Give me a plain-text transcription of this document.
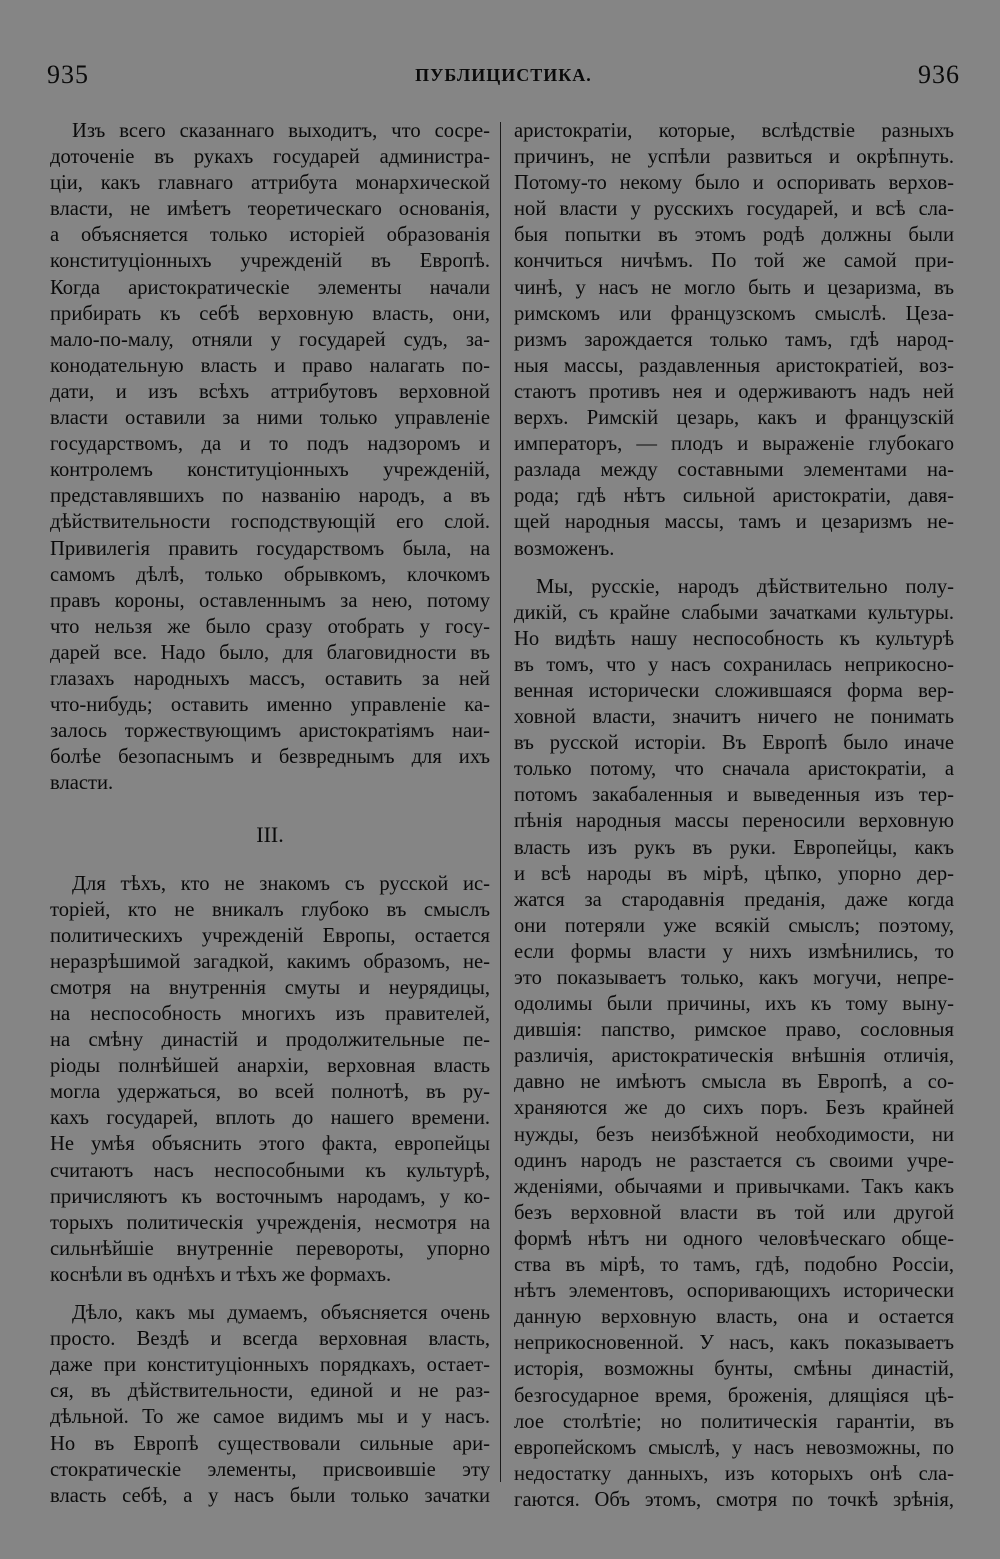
935	ПУБЛИЦИСТИКА.	936
Изъ всего сказаннаго выходитъ, что сосре-
доточеніе въ рукахъ государей администра-
ціи, какъ главнаго аттрибута монархической
власти, не имѣетъ теоретическаго основанія,
а объясняется только исторіей образованія
конституціонныхъ учрежденій въ Европѣ.
Когда аристократическіе элементы начали
прибирать къ себѣ верховную власть, они,
мало-по-малу, отняли у государей судъ, за-
конодательную власть и право налагать по-
дати, и изъ всѣхъ аттрибутовъ верховной
власти оставили за ними только управленіе
государствомъ, да и то подъ надзоромъ и
контролемъ конституціонныхъ учрежденій,
представлявшихъ по названію народъ, а въ
дѣйствительности господствующій его слой.
Привилегія править государствомъ была, на
самомъ дѣлѣ, только обрывкомъ, клочкомъ
правъ короны, оставленнымъ за нею, потому
что нельзя же было сразу отобрать у госу-
дарей все. Надо было, для благовидности въ
глазахъ народныхъ массъ, оставить за ней
что-нибудь; оставить именно управленіе ка-
залось торжествующимъ аристократіямъ наи-
болѣе безопаснымъ и безвреднымъ для ихъ
власти.
III.
Для тѣхъ, кто не знакомъ съ русской ис-
торіей, кто не вникалъ глубоко въ смыслъ
политическихъ учрежденій Европы, остается
неразрѣшимой загадкой, какимъ образомъ, не-
смотря на внутреннія смуты и неурядицы,
на неспособность многихъ изъ правителей,
на смѣну династій и продолжительные пе-
ріоды полнѣйшей анархіи, верховная власть
могла удержаться, во всей полнотѣ, въ ру-
кахъ государей, вплоть до нашего времени.
Не умѣя объяснить этого факта, европейцы
считаютъ насъ неспособными къ культурѣ,
причисляютъ къ восточнымъ народамъ, у ко-
торыхъ политическія учрежденія, несмотря на
сильнѣйшіе внутренніе перевороты, упорно
коснѣли въ однѣхъ и тѣхъ же формахъ.
Дѣло, какъ мы думаемъ, объясняется очень
просто. Вездѣ и всегда верховная власть,
даже при конституціонныхъ порядкахъ, остает-
ся, въ дѣйствительности, единой и не раз-
дѣльной. То же самое видимъ мы и у насъ.
Но въ Европѣ существовали сильные ари-
стократическіе элементы, присвоившіе эту
власть себѣ, а у насъ были только зачатки
аристократіи, которые, вслѣдствіе разныхъ
причинъ, не успѣли развиться и окрѣпнуть.
Потому-то некому было и оспоривать верхов-
ной власти у русскихъ государей, и всѣ сла-
быя попытки въ этомъ родѣ должны были
кончиться ничѣмъ. По той же самой при-
чинѣ, у насъ не могло быть и цезаризма, въ
римскомъ или французскомъ смыслѣ. Цеза-
ризмъ зарождается только тамъ, гдѣ народ-
ныя массы, раздавленныя аристократіей, воз-
стаютъ противъ нея и одерживаютъ надъ ней
верхъ. Римскій цезарь, какъ и французскій
императоръ, — плодъ и выраженіе глубокаго
разлада между составными элементами на-
рода; гдѣ нѣтъ сильной аристократіи, давя-
щей народныя массы, тамъ и цезаризмъ не-
возможенъ.
Мы, русскіе, народъ дѣйствительно полу-
дикій, съ крайне слабыми зачатками культуры.
Но видѣть нашу неспособность къ культурѣ
въ томъ, что у насъ сохранилась неприкосно-
венная исторически сложившаяся форма вер-
ховной власти, значитъ ничего не понимать
въ русской исторіи. Въ Европѣ было иначе
только потому, что сначала аристократіи, а
потомъ закабаленныя и выведенныя изъ тер-
пѣнія народныя массы переносили верховную
власть изъ рукъ въ руки. Европейцы, какъ
и всѣ народы въ мірѣ, цѣпко, упорно дер-
жатся за стародавнія преданія, даже когда
они потеряли уже всякій смыслъ; поэтому,
если формы власти у нихъ измѣнились, то
это показываетъ только, какъ могучи, непре-
одолимы были причины, ихъ къ тому выну-
дившія: папство, римское право, сословныя
различія, аристократическія внѣшнія отличія,
давно не имѣютъ смысла въ Европѣ, а со-
храняются же до сихъ поръ. Безъ крайней
нужды, безъ неизбѣжной необходимости, ни
одинъ народъ не разстается съ своими учре-
жденіями, обычаями и привычками. Такъ какъ
безъ верховной власти въ той или другой
формѣ нѣтъ ни одного человѣческаго обще-
ства въ мірѣ, то тамъ, гдѣ, подобно Россіи,
нѣтъ элементовъ, оспоривающихъ исторически
данную верховную власть, она и остается
неприкосновенной. У насъ, какъ показываетъ
исторія, возможны бунты, смѣны династій,
безгосударное время, броженія, длящіяся цѣ-
лое столѣтіе; но политическія гарантіи, въ
европейскомъ смыслѣ, у насъ невозможны, по
недостатку данныхъ, изъ которыхъ онѣ сла-
гаются. Объ этомъ, смотря по точкѣ зрѣнія,
